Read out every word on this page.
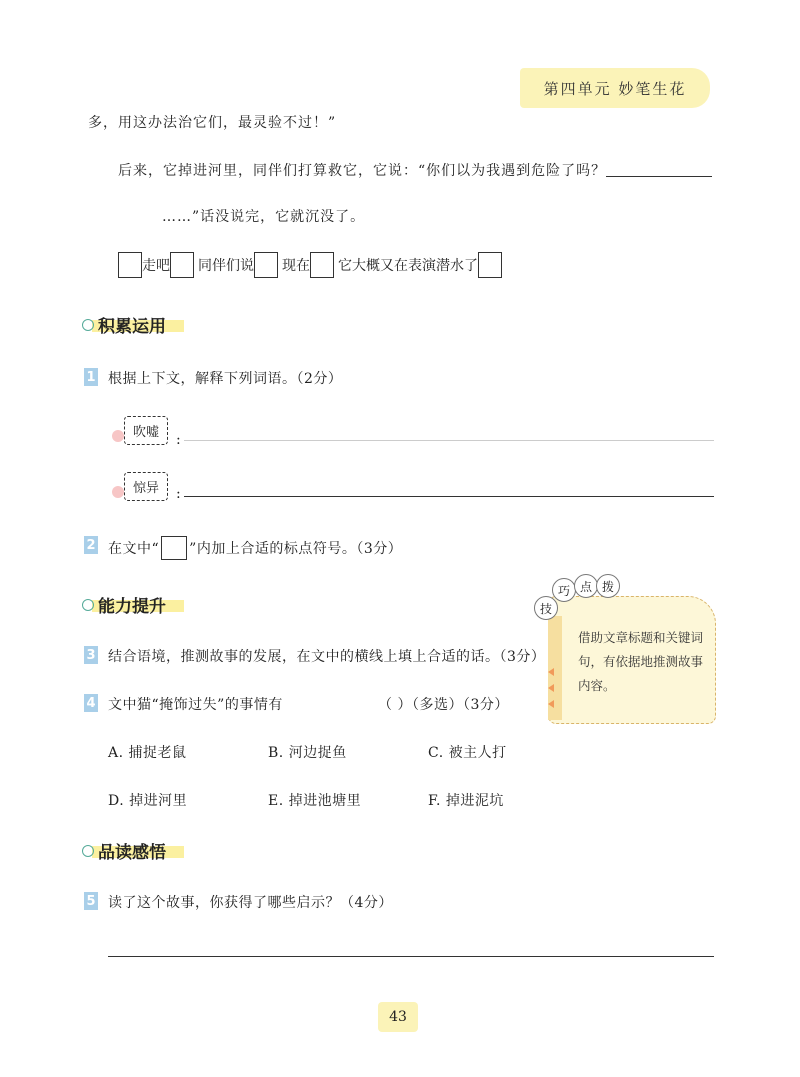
第四单元 妙笔生花
多，用这办法治它们，最灵验不过！”
后来，它掉进河里，同伴们打算救它，它说：“你们以为我遇到危险了吗？
……”话没说完，它就沉没了。
走吧 同伴们说 现在 它大概又在表演潜水了
积累运用
1 根据上下文，解释下列词语。（2分）
吹嘘	:
惊异	:
2 在文中“ ”内加上合适的标点符号。（3分）
能力提升	技
巧 点 拨
借助文章标题和关键词句，有依据地推测故事内容。
3 结合语境，推测故事的发展，在文中的横线上填上合适的话。（3分）
4 文中猫“掩饰过失”的事情有	（ ）（多选）（3分）
A. 捕捉老鼠	B. 河边捉鱼	C. 被主人打
D. 掉进河里	E. 掉进池塘里	F. 掉进泥坑
品读感悟
5 读了这个故事，你获得了哪些启示？（4分）
43
